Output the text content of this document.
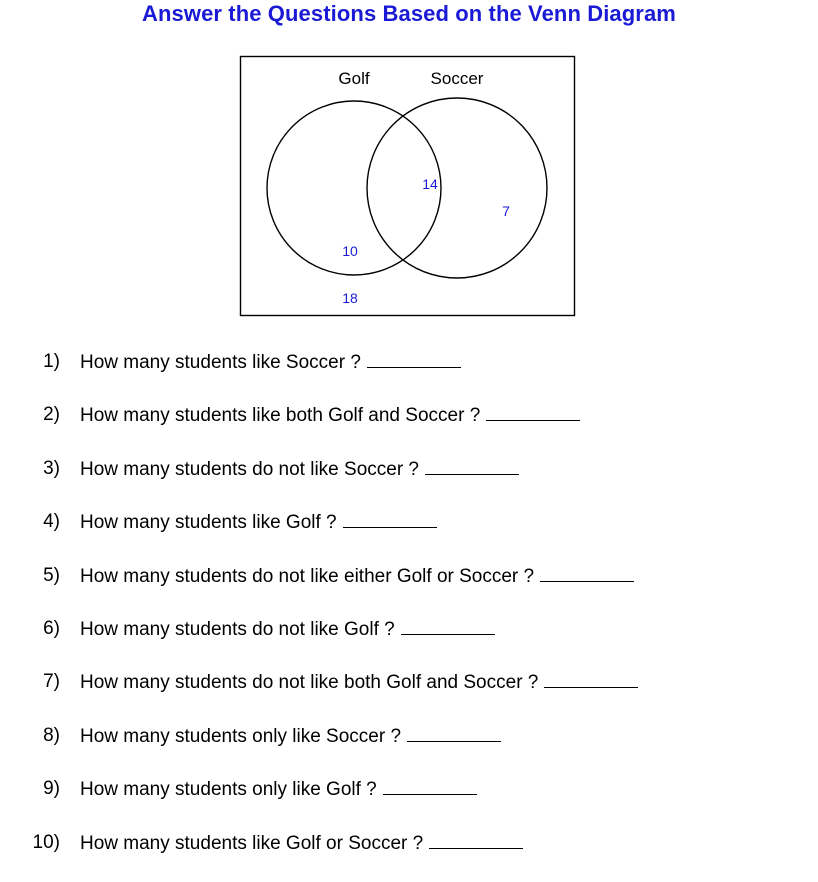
Answer the Questions Based on the Venn Diagram
Golf	Soccer
14
7
10
18
1) How many students like Soccer ?
2) How many students like both Golf and Soccer ?
3) How many students do not like Soccer ?
4) How many students like Golf ?
5) How many students do not like either Golf or Soccer ?
6) How many students do not like Golf ?
7) How many students do not like both Golf and Soccer ?
8) How many students only like Soccer ?
9) How many students only like Golf ?
10) How many students like Golf or Soccer ?
